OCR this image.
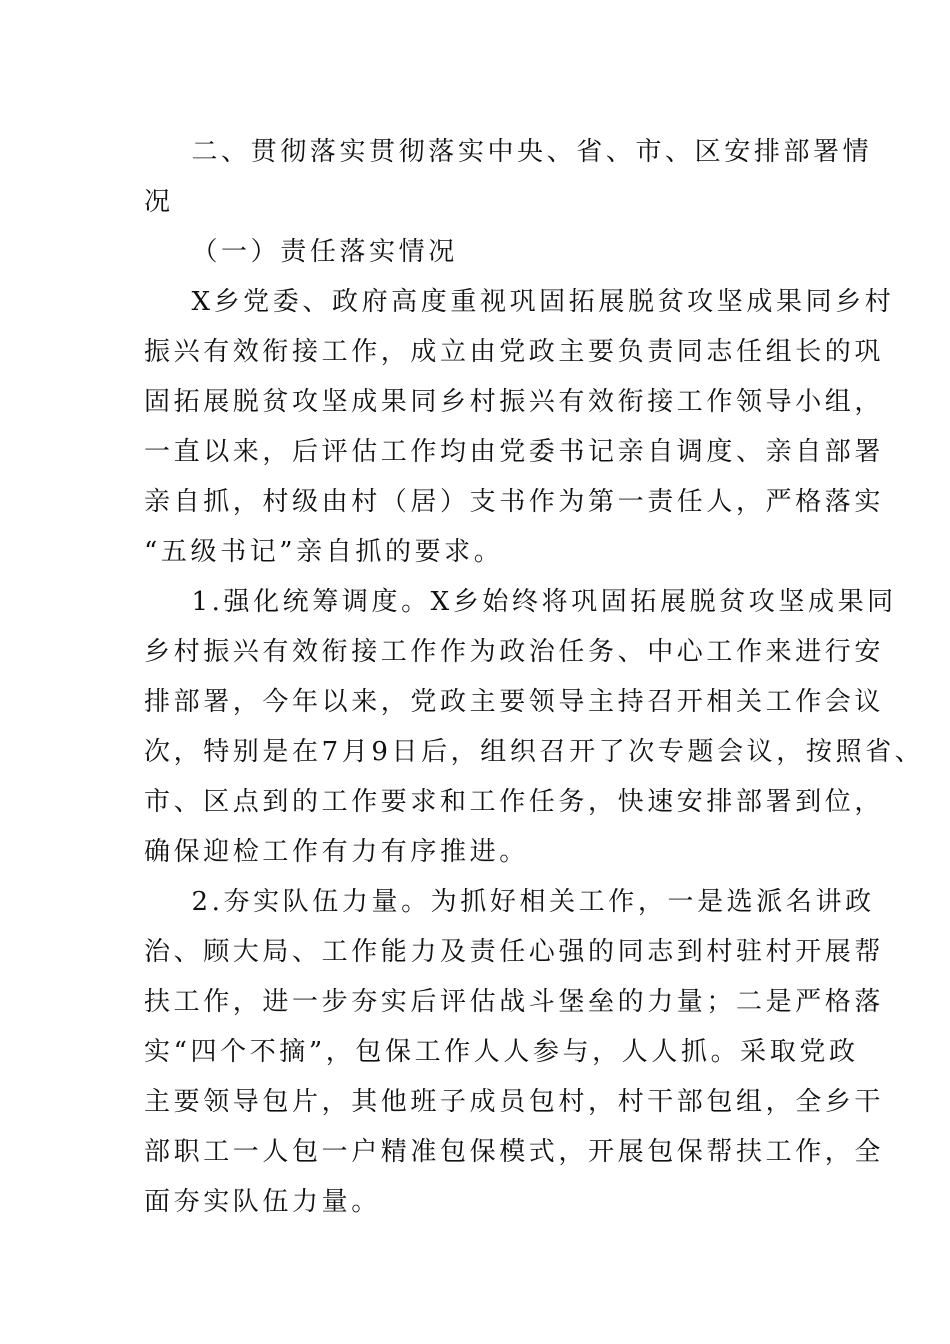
二、贯彻落实贯彻落实中央、省、市、区安排部署情
况
（一）责任落实情况
X乡党委、政府高度重视巩固拓展脱贫攻坚成果同乡村
振兴有效衔接工作，成立由党政主要负责同志任组长的巩
固拓展脱贫攻坚成果同乡村振兴有效衔接工作领导小组，
一直以来，后评估工作均由党委书记亲自调度、亲自部署
亲自抓，村级由村（居）支书作为第一责任人，严格落实
“五级书记”亲自抓的要求。
1.强化统筹调度。X乡始终将巩固拓展脱贫攻坚成果同
乡村振兴有效衔接工作作为政治任务、中心工作来进行安
排部署，今年以来，党政主要领导主持召开相关工作会议
次，特别是在7月9日后，组织召开了次专题会议，按照省、
市、区点到的工作要求和工作任务，快速安排部署到位，
确保迎检工作有力有序推进。
2.夯实队伍力量。为抓好相关工作，一是选派名讲政
治、顾大局、工作能力及责任心强的同志到村驻村开展帮
扶工作，进一步夯实后评估战斗堡垒的力量；二是严格落
实“四个不摘”，包保工作人人参与，人人抓。采取党政
主要领导包片，其他班子成员包村，村干部包组，全乡干
部职工一人包一户精准包保模式，开展包保帮扶工作，全
面夯实队伍力量。
